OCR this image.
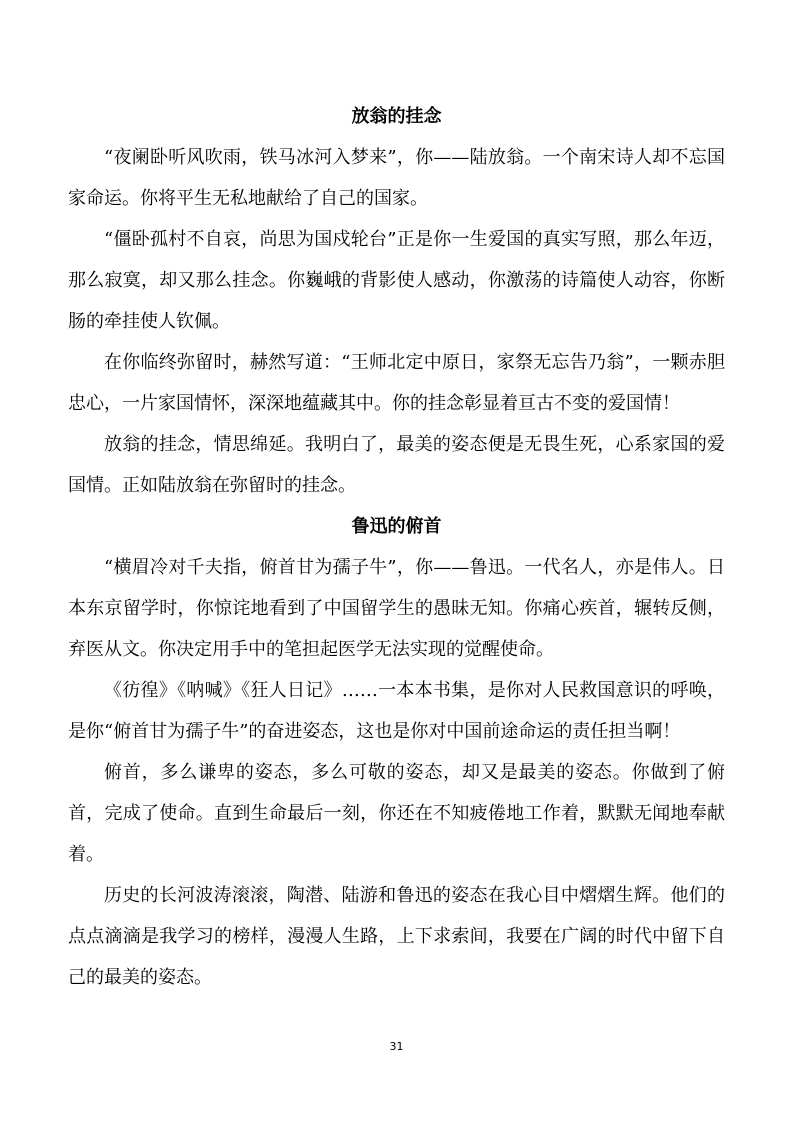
放翁的挂念

“夜阑卧听风吹雨，铁马冰河入梦来”，你——陆放翁。一个南宋诗人却不忘国家命运。你将平生无私地献给了自己的国家。

“僵卧孤村不自哀，尚思为国戍轮台”正是你一生爱国的真实写照，那么年迈，那么寂寞，却又那么挂念。你巍峨的背影使人感动，你激荡的诗篇使人动容，你断肠的牵挂使人钦佩。

在你临终弥留时，赫然写道：“王师北定中原日，家祭无忘告乃翁”，一颗赤胆忠心，一片家国情怀，深深地蕴藏其中。你的挂念彰显着亘古不变的爱国情！

放翁的挂念，情思绵延。我明白了，最美的姿态便是无畏生死，心系家国的爱国情。正如陆放翁在弥留时的挂念。

鲁迅的俯首

“横眉冷对千夫指，俯首甘为孺子牛”，你——鲁迅。一代名人，亦是伟人。日本东京留学时，你惊诧地看到了中国留学生的愚昧无知。你痛心疾首，辗转反侧，弃医从文。你决定用手中的笔担起医学无法实现的觉醒使命。

《彷徨》《呐喊》《狂人日记》……一本本书集，是你对人民救国意识的呼唤，是你“俯首甘为孺子牛”的奋进姿态，这也是你对中国前途命运的责任担当啊！

俯首，多么谦卑的姿态，多么可敬的姿态，却又是最美的姿态。你做到了俯首，完成了使命。直到生命最后一刻，你还在不知疲倦地工作着，默默无闻地奉献着。

历史的长河波涛滚滚，陶潜、陆游和鲁迅的姿态在我心目中熠熠生辉。他们的点点滴滴是我学习的榜样，漫漫人生路，上下求索间，我要在广阔的时代中留下自己的最美的姿态。

31
